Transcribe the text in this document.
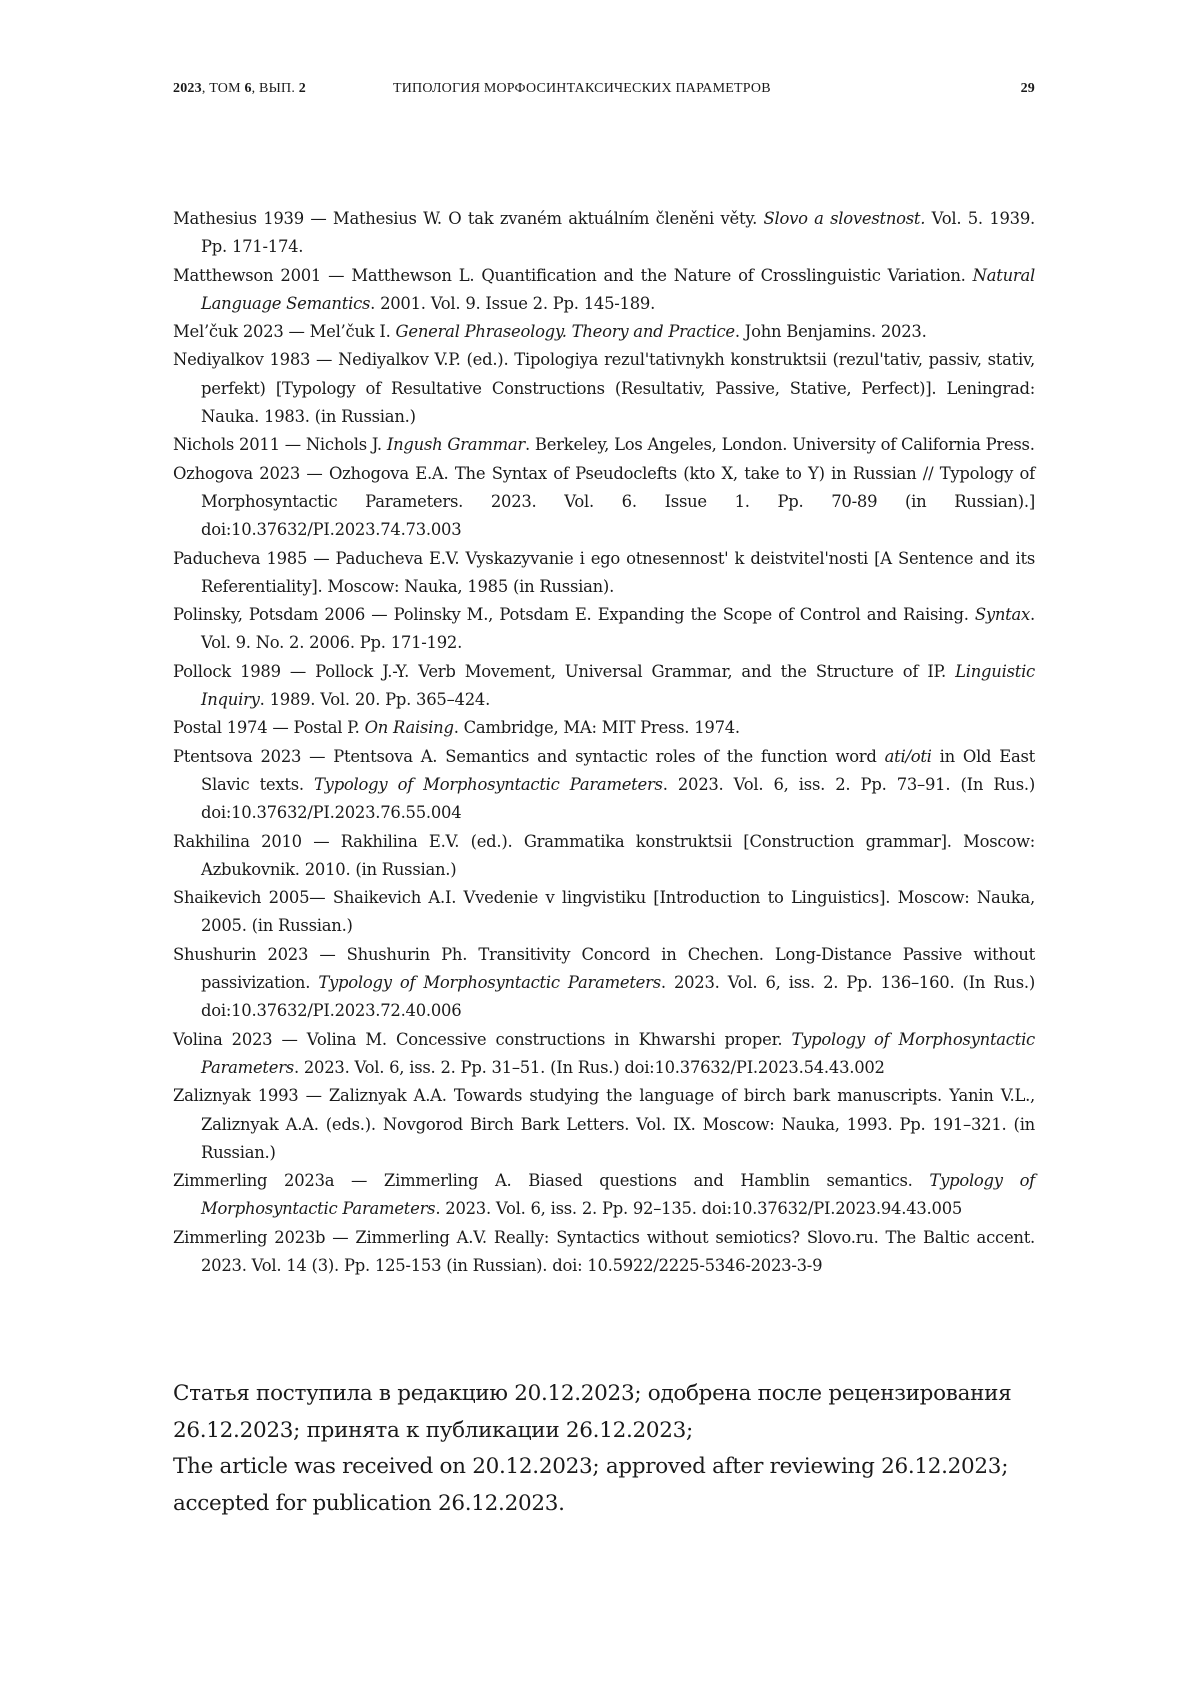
2023, ТОМ 6, ВЫП. 2	ТИПОЛОГИЯ МОРФОСИНТАКСИЧЕСКИХ ПАРАМЕТРОВ	29

Mathesius 1939 — Mathesius W. O tak zvaném aktuálním členěni věty. Slovo a slovestnost. Vol. 5. 1939. Pp. 171-174.

Matthewson 2001 — Matthewson L. Quantification and the Nature of Crosslinguistic Variation. Natural Language Semantics. 2001. Vol. 9. Issue 2. Pp. 145-189.

Mel’čuk 2023 — Mel’čuk I. General Phraseology. Theory and Practice. John Benjamins. 2023.

Nediyalkov 1983 — Nediyalkov V.P. (ed.). Tipologiya rezul'tativnykh konstruktsii (rezul'tativ, passiv, stativ, perfekt) [Typology of Resultative Constructions (Resultativ, Passive, Stative, Perfect)]. Leningrad: Nauka. 1983. (in Russian.)

Nichols 2011 — Nichols J. Ingush Grammar. Berkeley, Los Angeles, London. University of California Press.

Ozhogova 2023 — Ozhogova E.A. The Syntax of Pseudoclefts (kto X, take to Y) in Russian // Typology of Morphosyntactic Parameters. 2023. Vol. 6. Issue 1. Pp. 70-89 (in Russian).] doi:10.37632/PI.2023.74.73.003

Paducheva 1985 — Paducheva E.V. Vyskazyvanie i ego otnesennost' k deistvitel'nosti [A Sentence and its Referentiality]. Moscow: Nauka, 1985 (in Russian).

Polinsky, Potsdam 2006 — Polinsky M., Potsdam E. Expanding the Scope of Control and Raising. Syntax. Vol. 9. No. 2. 2006. Pp. 171-192.

Pollock 1989 — Pollock J.-Y. Verb Movement, Universal Grammar, and the Structure of IP. Linguistic Inquiry. 1989. Vol. 20. Pp. 365–424.

Postal 1974 — Postal P. On Raising. Cambridge, MA: MIT Press. 1974.

Ptentsova 2023 — Ptentsova A. Semantics and syntactic roles of the function word ati/oti in Old East Slavic texts. Typology of Morphosyntactic Parameters. 2023. Vol. 6, iss. 2. Pp. 73–91. (In Rus.) doi:10.37632/PI.2023.76.55.004

Rakhilina 2010 — Rakhilina E.V. (ed.). Grammatika konstruktsii [Construction grammar]. Moscow: Azbukovnik. 2010. (in Russian.)

Shaikevich 2005— Shaikevich A.I. Vvedenie v lingvistiku [Introduction to Linguistics]. Moscow: Nauka, 2005. (in Russian.)

Shushurin 2023 — Shushurin Ph. Transitivity Concord in Chechen. Long-Distance Passive without passivization. Typology of Morphosyntactic Parameters. 2023. Vol. 6, iss. 2. Pp. 136–160. (In Rus.) doi:10.37632/PI.2023.72.40.006

Volina 2023 — Volina M. Concessive constructions in Khwarshi proper. Typology of Morphosyntactic Parameters. 2023. Vol. 6, iss. 2. Pp. 31–51. (In Rus.) doi:10.37632/PI.2023.54.43.002

Zaliznyak 1993 — Zaliznyak A.A. Towards studying the language of birch bark manuscripts. Yanin V.L., Zaliznyak A.A. (eds.). Novgorod Birch Bark Letters. Vol. IX. Moscow: Nauka, 1993. Pp. 191–321. (in Russian.)

Zimmerling 2023a — Zimmerling A. Biased questions and Hamblin semantics. Typology of Morphosyntactic Parameters. 2023. Vol. 6, iss. 2. Pp. 92–135. doi:10.37632/PI.2023.94.43.005

Zimmerling 2023b — Zimmerling A.V. Really: Syntactics without semiotics? Slovo.ru. The Baltic accent. 2023. Vol. 14 (3). Pp. 125-153 (in Russian). doi: 10.5922/2225-5346-2023-3-9

Статья поступила в редакцию 20.12.2023; одобрена после рецензирования 26.12.2023; принята к публикации 26.12.2023;

The article was received on 20.12.2023; approved after reviewing 26.12.2023; accepted for publication 26.12.2023.
